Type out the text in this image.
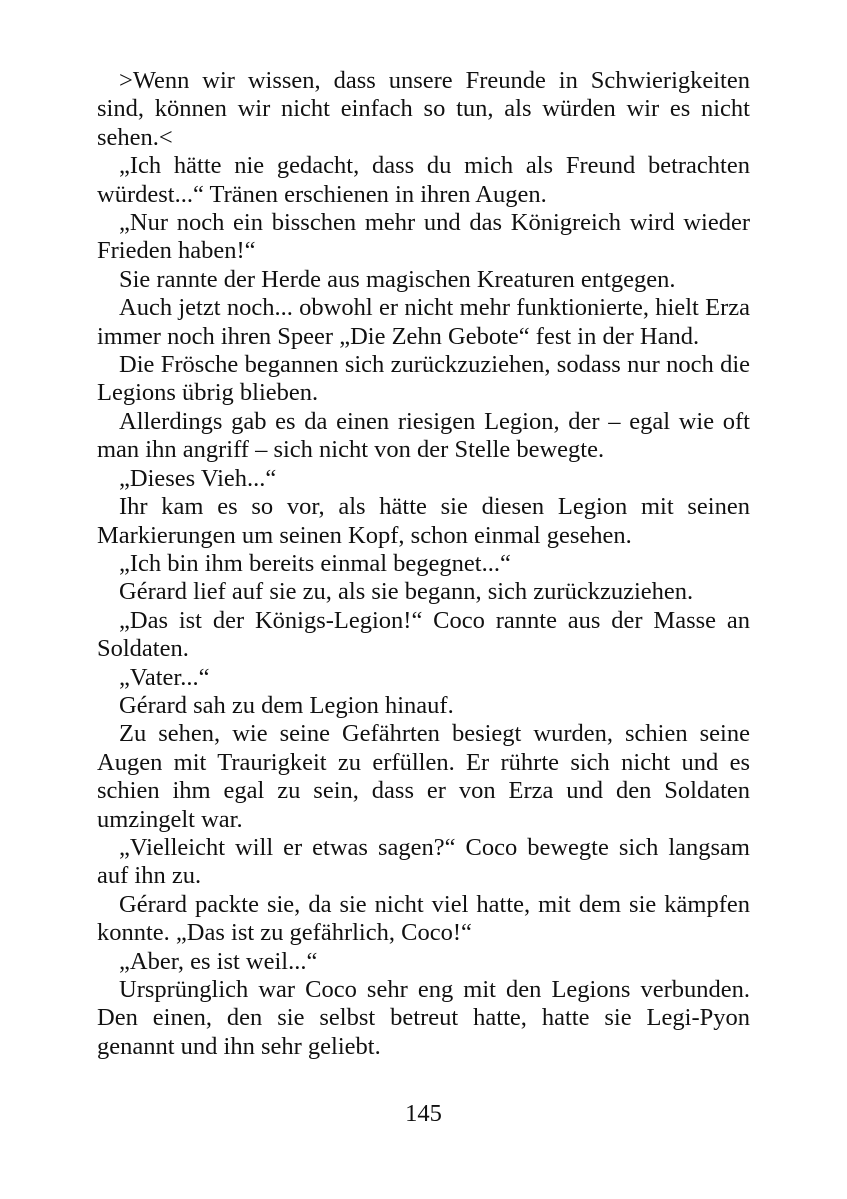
>Wenn wir wissen, dass unsere Freunde in Schwierigkeiten sind, können wir nicht einfach so tun, als würden wir es nicht sehen.<

„Ich hätte nie gedacht, dass du mich als Freund betrachten würdest...“ Tränen erschienen in ihren Augen.

„Nur noch ein bisschen mehr und das Königreich wird wieder Frieden haben!“

Sie rannte der Herde aus magischen Kreaturen entgegen.

Auch jetzt noch... obwohl er nicht mehr funktionierte, hielt Erza immer noch ihren Speer „Die Zehn Gebote“ fest in der Hand.

Die Frösche begannen sich zurückzuziehen, sodass nur noch die Legions übrig blieben.

Allerdings gab es da einen riesigen Legion, der – egal wie oft man ihn angriff – sich nicht von der Stelle bewegte.

„Dieses Vieh...“

Ihr kam es so vor, als hätte sie diesen Legion mit seinen Markierungen um seinen Kopf, schon einmal gesehen.

„Ich bin ihm bereits einmal begegnet...“

Gérard lief auf sie zu, als sie begann, sich zurückzuziehen.

„Das ist der Königs-Legion!“ Coco rannte aus der Masse an Soldaten.

„Vater...“

Gérard sah zu dem Legion hinauf.

Zu sehen, wie seine Gefährten besiegt wurden, schien seine Augen mit Traurigkeit zu erfüllen. Er rührte sich nicht und es schien ihm egal zu sein, dass er von Erza und den Soldaten umzingelt war.

„Vielleicht will er etwas sagen?“ Coco bewegte sich langsam auf ihn zu.

Gérard packte sie, da sie nicht viel hatte, mit dem sie kämpfen konnte. „Das ist zu gefährlich, Coco!“

„Aber, es ist weil...“

Ursprünglich war Coco sehr eng mit den Legions verbunden. Den einen, den sie selbst betreut hatte, hatte sie Legi-Pyon genannt und ihn sehr geliebt.

145
